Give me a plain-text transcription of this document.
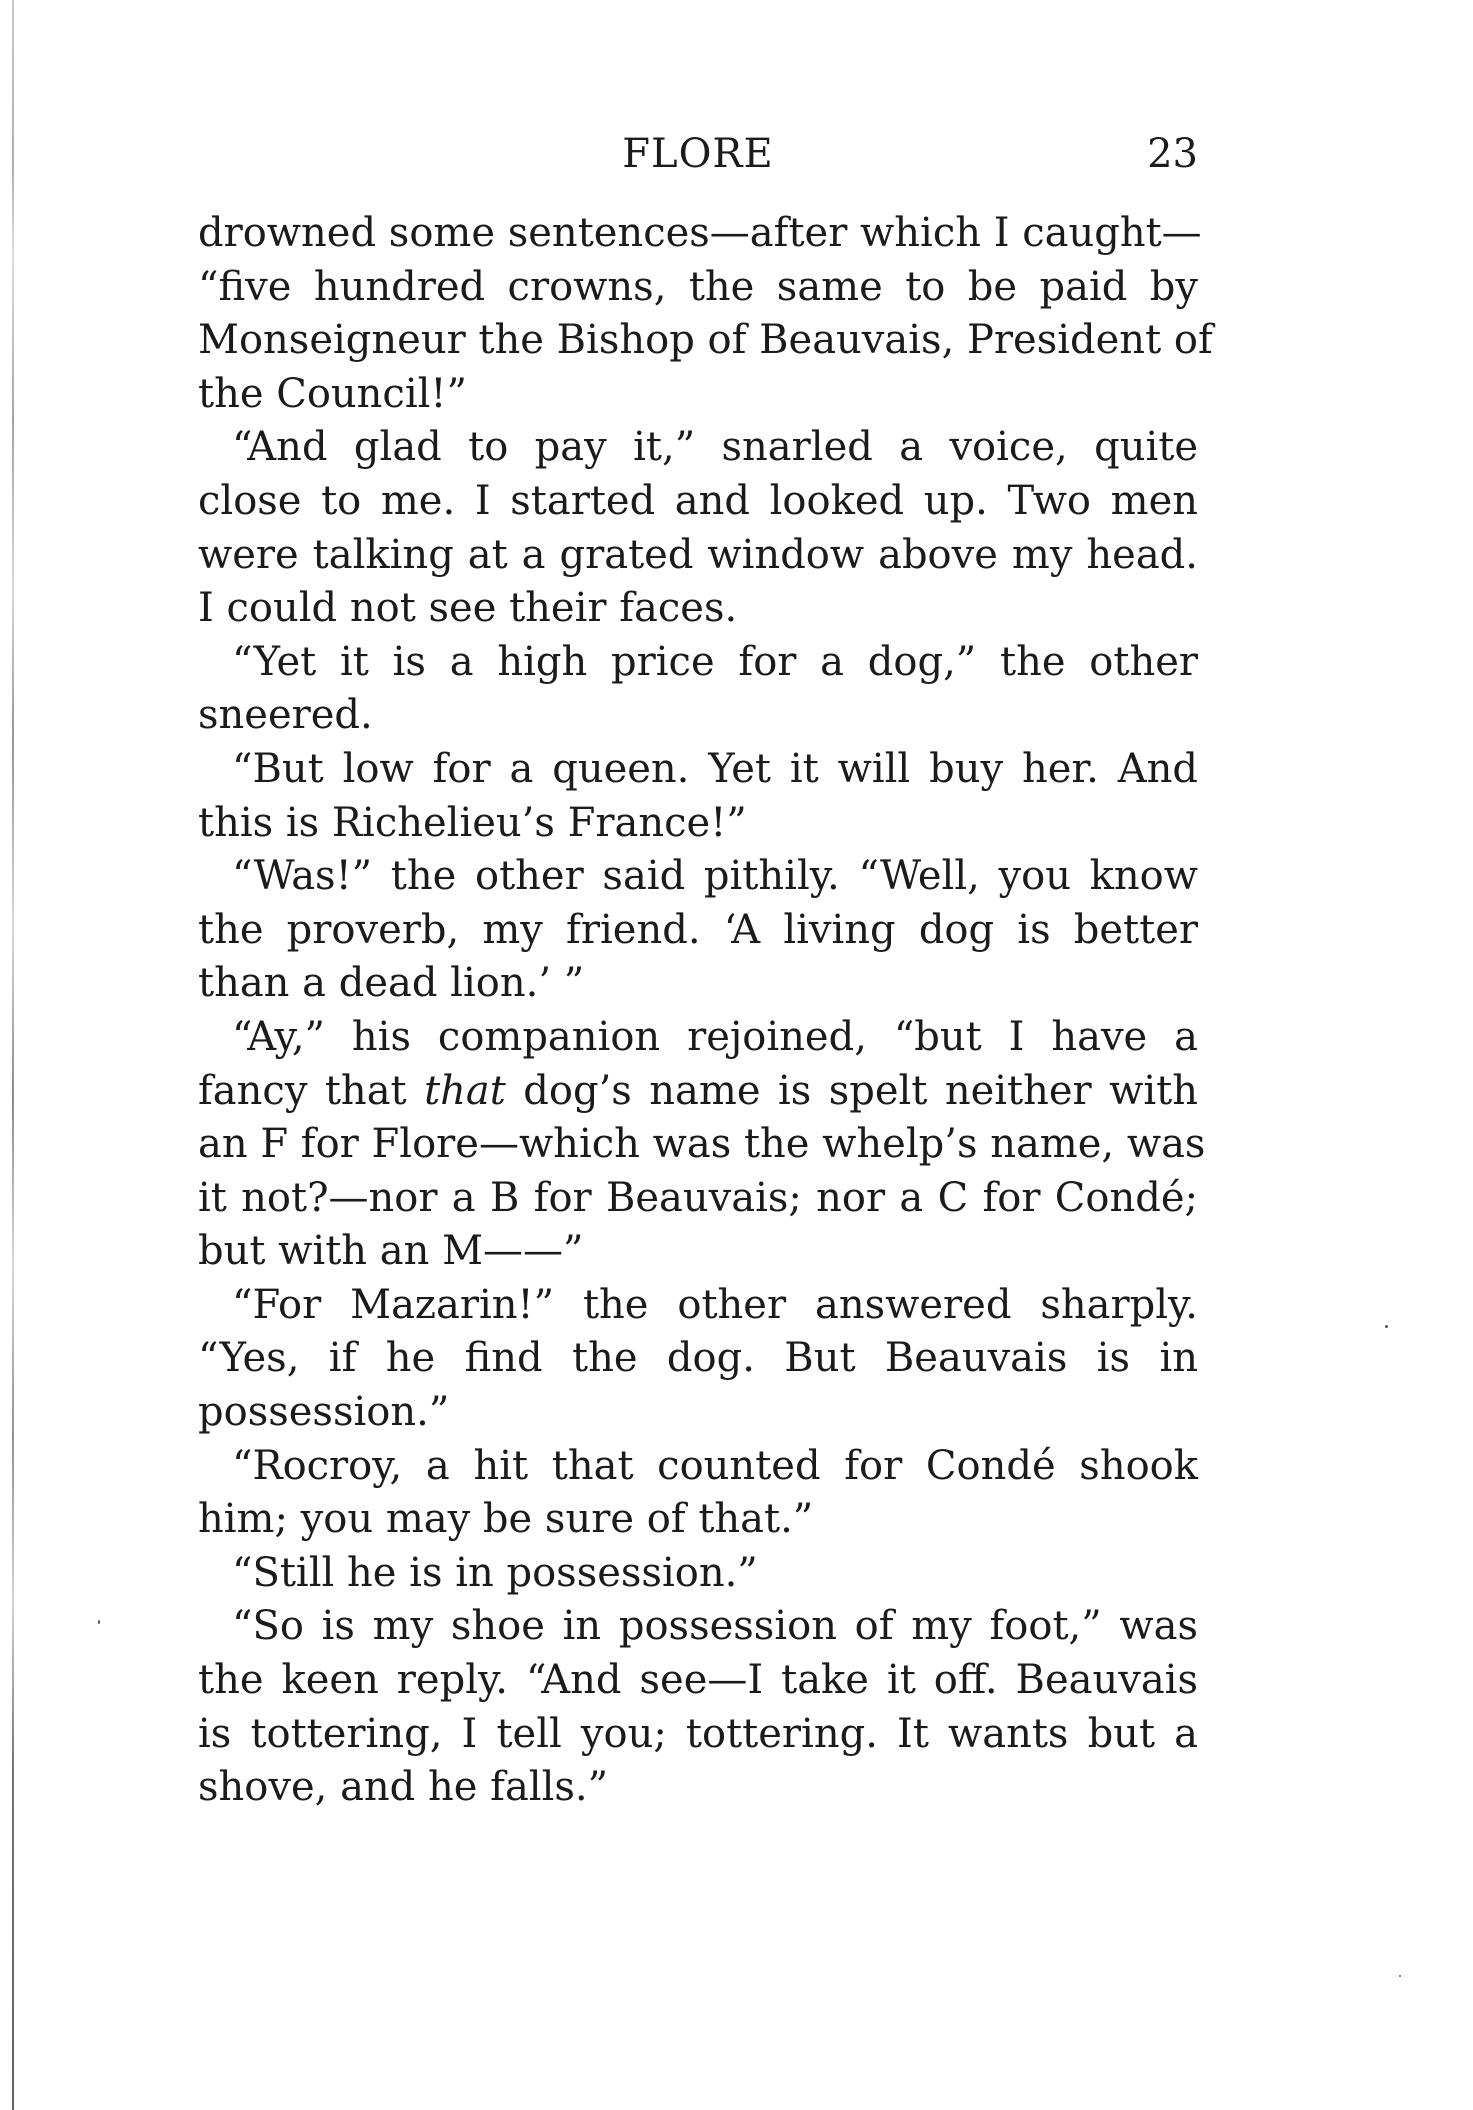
FLORE	23
drowned some sentences—after which I caught—
“five hundred crowns, the same to be paid by
Monseigneur the Bishop of Beauvais, President of
the Council!”
“And glad to pay it,” snarled a voice, quite
close to me. I started and looked up. Two men
were talking at a grated window above my head.
I could not see their faces.
“Yet it is a high price for a dog,” the other
sneered.
“But low for a queen. Yet it will buy her. And
this is Richelieu’s France!”
“Was!” the other said pithily. “Well, you know
the proverb, my friend. ‘A living dog is better
than a dead lion.’ ”
“Ay,” his companion rejoined, “but I have a
fancy that that dog’s name is spelt neither with
an F for Flore—which was the whelp’s name, was
it not?—nor a B for Beauvais; nor a C for Condé;
but with an M——”
“For Mazarin!” the other answered sharply.
“Yes, if he find the dog. But Beauvais is in
possession.”
“Rocroy, a hit that counted for Condé shook
him; you may be sure of that.”
“Still he is in possession.”
“So is my shoe in possession of my foot,” was
the keen reply. “And see—I take it off. Beauvais
is tottering, I tell you; tottering. It wants but a
shove, and he falls.”
